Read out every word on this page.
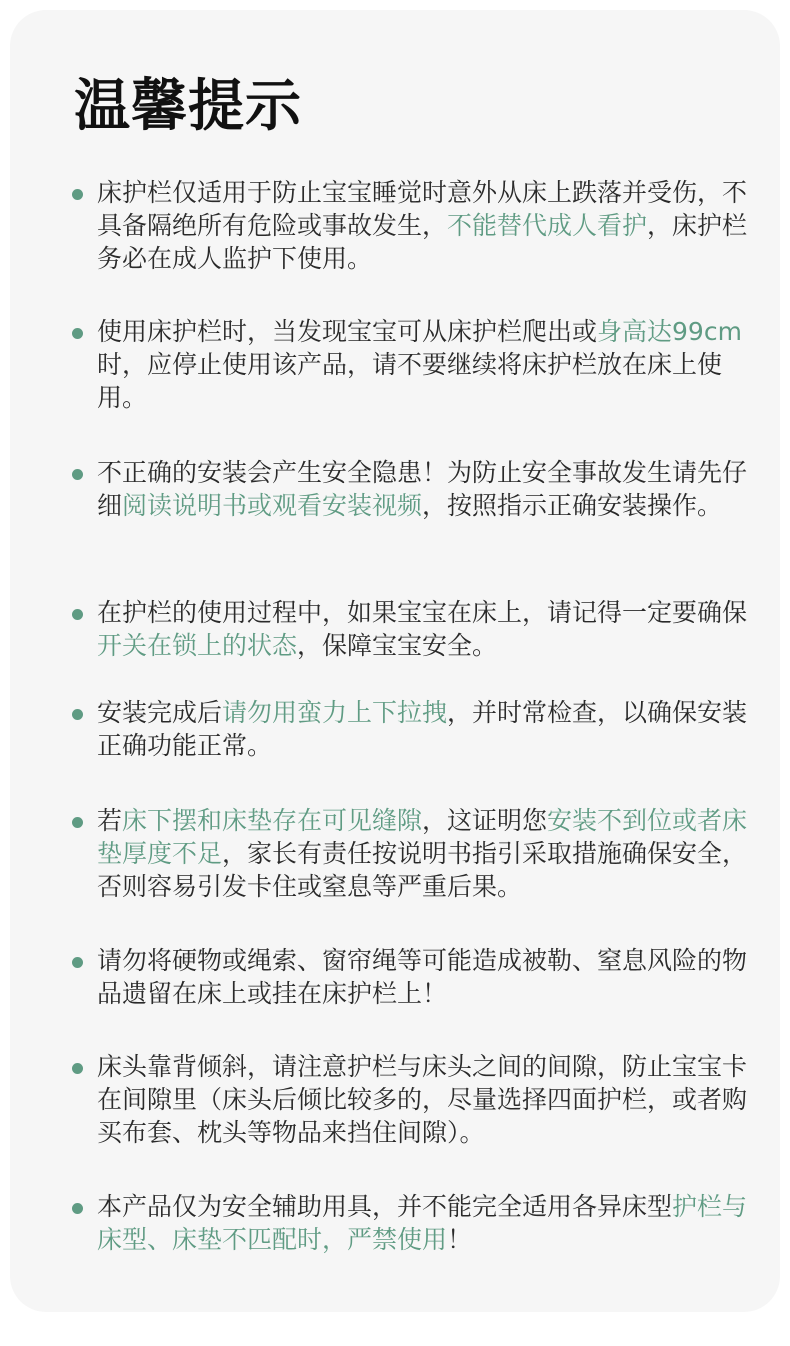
温馨提示
床护栏仅适用于防止宝宝睡觉时意外从床上跌落并受伤，不具备隔绝所有危险或事故发生，不能替代成人看护，床护栏务必在成人监护下使用。
使用床护栏时，当发现宝宝可从床护栏爬出或身高达99cm时，应停止使用该产品，请不要继续将床护栏放在床上使用。
不正确的安装会产生安全隐患！为防止安全事故发生请先仔细阅读说明书或观看安装视频，按照指示正确安装操作。
在护栏的使用过程中，如果宝宝在床上，请记得一定要确保开关在锁上的状态，保障宝宝安全。
安装完成后请勿用蛮力上下拉拽，并时常检查，以确保安装正确功能正常。
若床下摆和床垫存在可见缝隙，这证明您安装不到位或者床垫厚度不足，家长有责任按说明书指引采取措施确保安全，否则容易引发卡住或窒息等严重后果。
请勿将硬物或绳索、窗帘绳等可能造成被勒、窒息风险的物品遗留在床上或挂在床护栏上！
床头靠背倾斜，请注意护栏与床头之间的间隙，防止宝宝卡在间隙里（床头后倾比较多的，尽量选择四面护栏，或者购买布套、枕头等物品来挡住间隙）。
本产品仅为安全辅助用具，并不能完全适用各异床型护栏与床型、床垫不匹配时，严禁使用！
